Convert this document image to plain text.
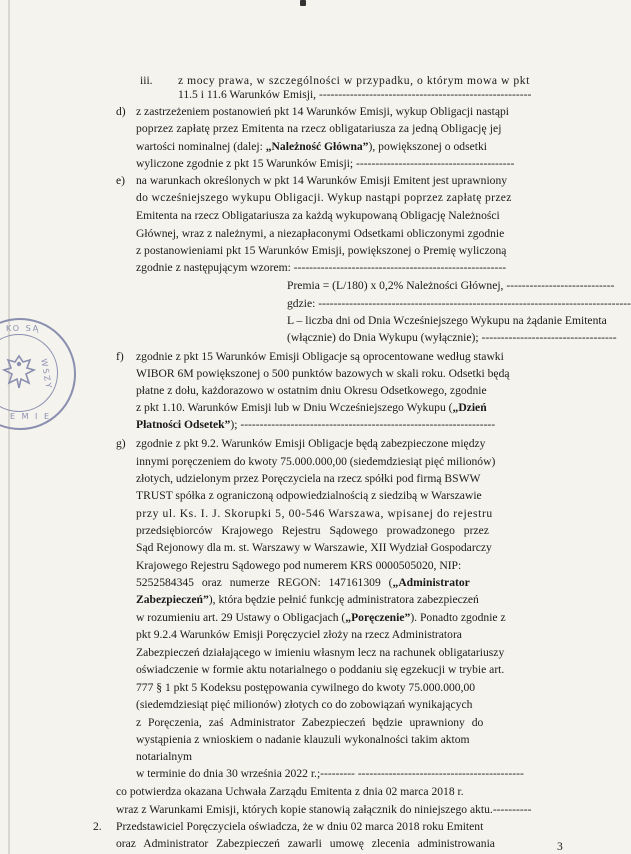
KO SĄ
WSZY
E M I E
iii. z mocy prawa, w szczególności w przypadku, o którym mowa w pkt
11.5 i 11.6 Warunków Emisji, -------------------------------------------------------
d) z zastrzeżeniem postanowień pkt 14 Warunków Emisji, wykup Obligacji nastąpi
poprzez zapłatę przez Emitenta na rzecz obligatariusza za jedną Obligację jej
wartości nominalnej (dalej: „Należność Główna”), powiększonej o odsetki
wyliczone zgodnie z pkt 15 Warunków Emisji; -----------------------------------------
e) na warunkach określonych w pkt 14 Warunków Emisji Emitent jest uprawniony
do wcześniejszego wykupu Obligacji. Wykup nastąpi poprzez zapłatę przez
Emitenta na rzecz Obligatariusza za każdą wykupowaną Obligację Należności
Głównej, wraz z należnymi, a niezapłaconymi Odsetkami obliczonymi zgodnie
z postanowieniami pkt 15 Warunków Emisji, powiększonej o Premię wyliczoną
zgodnie z następującym wzorem: -------------------------------------------------------
Premia = (L/180) x 0,2% Należności Głównej, ----------------------------
gdzie: ---------------------------------------------------------------------------------
L – liczba dni od Dnia Wcześniejszego Wykupu na żądanie Emitenta
(włącznie) do Dnia Wykupu (wyłącznie); -----------------------------------
f) zgodnie z pkt 15 Warunków Emisji Obligacje są oprocentowane według stawki
WIBOR 6M powiększonej o 500 punktów bazowych w skali roku. Odsetki będą
płatne z dołu, każdorazowo w ostatnim dniu Okresu Odsetkowego, zgodnie
z pkt 1.10. Warunków Emisji lub w Dniu Wcześniejszego Wykupu („Dzień
Płatności Odsetek”); ------------------------------------------------------------------
g) zgodnie z pkt 9.2. Warunków Emisji Obligacje będą zabezpieczone między
innymi poręczeniem do kwoty 75.000.000,00 (siedemdziesiąt pięć milionów)
złotych, udzielonym przez Poręczyciela na rzecz spółki pod firmą BSWW
TRUST spółka z ograniczoną odpowiedzialnością z siedzibą w Warszawie
przy ul. Ks. I. J. Skorupki 5, 00-546 Warszawa, wpisanej do rejestru
przedsiębiorców Krajowego Rejestru Sądowego prowadzonego przez
Sąd Rejonowy dla m. st. Warszawy w Warszawie, XII Wydział Gospodarczy
Krajowego Rejestru Sądowego pod numerem KRS 0000505020, NIP:
5252584345 oraz numerze REGON: 147161309 („Administrator
Zabezpieczeń”), która będzie pełnić funkcję administratora zabezpieczeń
w rozumieniu art. 29 Ustawy o Obligacjach („Poręczenie”). Ponadto zgodnie z
pkt 9.2.4 Warunków Emisji Poręczyciel złoży na rzecz Administratora
Zabezpieczeń działającego w imieniu własnym lecz na rachunek obligatariuszy
oświadczenie w formie aktu notarialnego o poddaniu się egzekucji w trybie art.
777 § 1 pkt 5 Kodeksu postępowania cywilnego do kwoty 75.000.000,00
(siedemdziesiąt pięć milionów) złotych co do zobowiązań wynikających
z Poręczenia, zaś Administrator Zabezpieczeń będzie uprawniony do
wystąpienia z wnioskiem o nadanie klauzuli wykonalności takim aktom
notarialnym
w terminie do dnia 30 września 2022 r.;--------- -------------------------------------------
co potwierdza okazana Uchwała Zarządu Emitenta z dnia 02 marca 2018 r.
wraz z Warunkami Emisji, których kopie stanowią załącznik do niniejszego aktu.----------
2. Przedstawiciel Poręczyciela oświadcza, że w dniu 02 marca 2018 roku Emitent
oraz Administrator Zabezpieczeń zawarli umowę zlecenia administrowania	3
